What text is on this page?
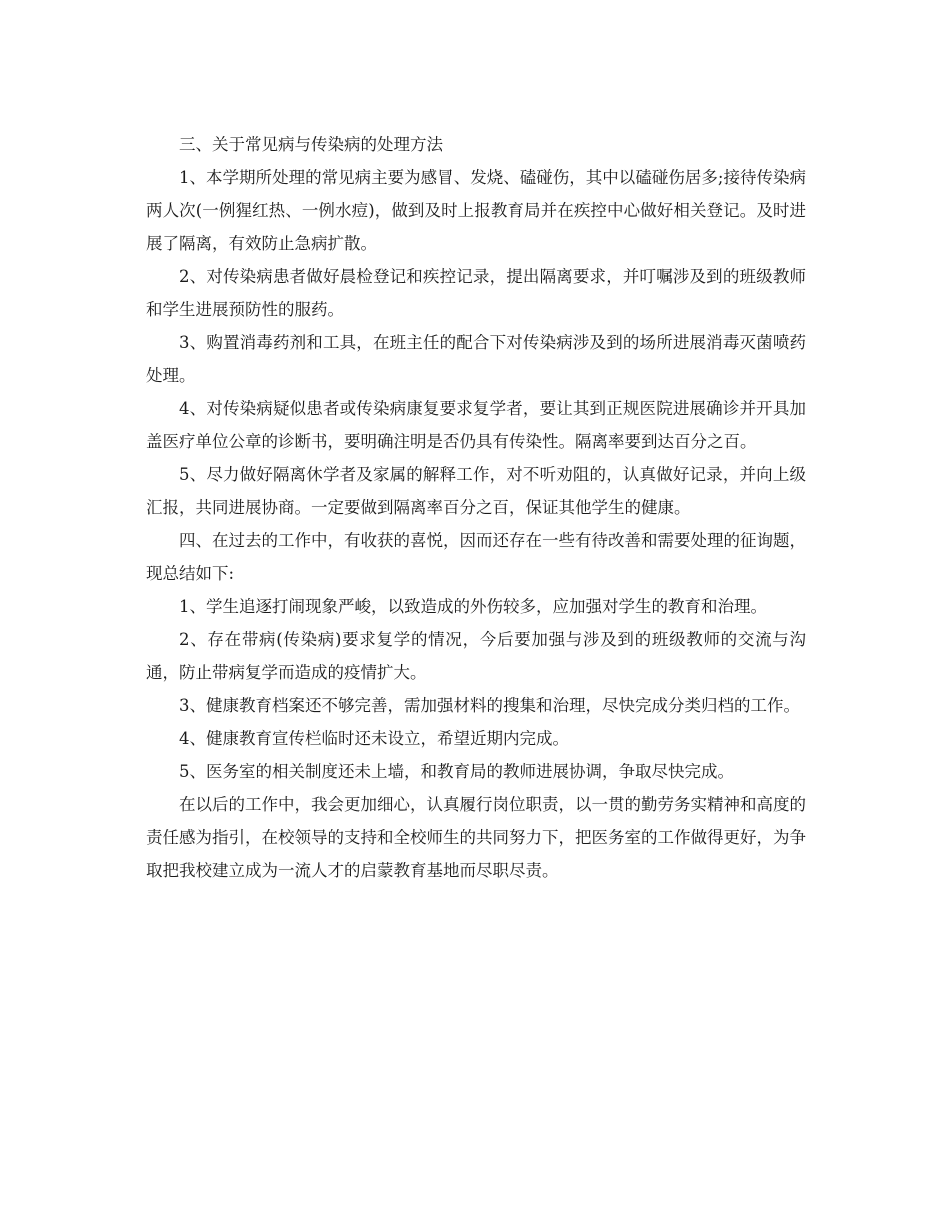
三、关于常见病与传染病的处理方法

1、本学期所处理的常见病主要为感冒、发烧、磕碰伤，其中以磕碰伤居多;接待传染病两人次(一例猩红热、一例水痘)，做到及时上报教育局并在疾控中心做好相关登记。及时进展了隔离，有效防止急病扩散。

2、对传染病患者做好晨检登记和疾控记录，提出隔离要求，并叮嘱涉及到的班级教师和学生进展预防性的服药。

3、购置消毒药剂和工具，在班主任的配合下对传染病涉及到的场所进展消毒灭菌喷药处理。

4、对传染病疑似患者或传染病康复要求复学者，要让其到正规医院进展确诊并开具加盖医疗单位公章的诊断书，要明确注明是否仍具有传染性。隔离率要到达百分之百。

5、尽力做好隔离休学者及家属的解释工作，对不听劝阻的，认真做好记录，并向上级汇报，共同进展协商。一定要做到隔离率百分之百，保证其他学生的健康。

四、在过去的工作中，有收获的喜悦，因而还存在一些有待改善和需要处理的征询题，现总结如下:

1、学生追逐打闹现象严峻，以致造成的外伤较多，应加强对学生的教育和治理。

2、存在带病(传染病)要求复学的情况，今后要加强与涉及到的班级教师的交流与沟通，防止带病复学而造成的疫情扩大。

3、健康教育档案还不够完善，需加强材料的搜集和治理，尽快完成分类归档的工作。

4、健康教育宣传栏临时还未设立，希望近期内完成。

5、医务室的相关制度还未上墙，和教育局的教师进展协调，争取尽快完成。

在以后的工作中，我会更加细心，认真履行岗位职责，以一贯的勤劳务实精神和高度的责任感为指引，在校领导的支持和全校师生的共同努力下，把医务室的工作做得更好，为争取把我校建立成为一流人才的启蒙教育基地而尽职尽责。
